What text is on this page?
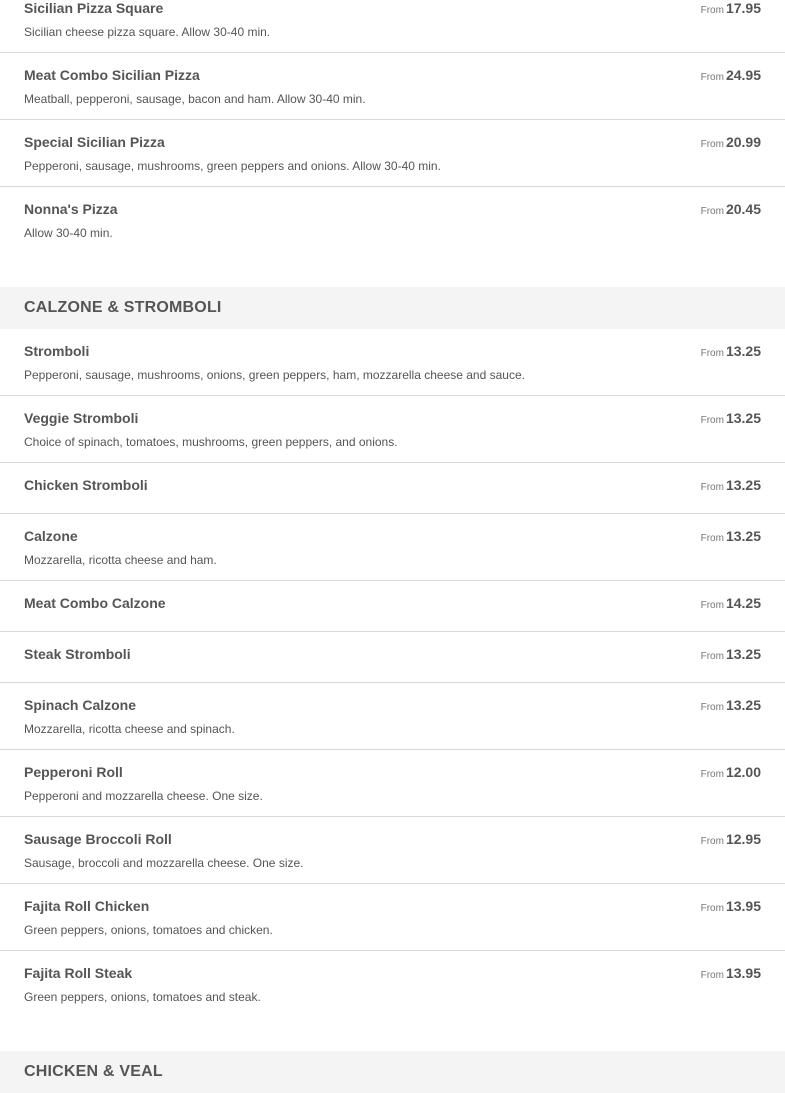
Sicilian Pizza Square
Sicilian cheese pizza square. Allow 30-40 min.
From 17.95
Meat Combo Sicilian Pizza
Meatball, pepperoni, sausage, bacon and ham. Allow 30-40 min.
From 24.95
Special Sicilian Pizza
Pepperoni, sausage, mushrooms, green peppers and onions. Allow 30-40 min.
From 20.99
Nonna's Pizza
Allow 30-40 min.
From 20.45
CALZONE & STROMBOLI
Stromboli
Pepperoni, sausage, mushrooms, onions, green peppers, ham, mozzarella cheese and sauce.
From 13.25
Veggie Stromboli
Choice of spinach, tomatoes, mushrooms, green peppers, and onions.
From 13.25
Chicken Stromboli	From 13.25
Calzone
Mozzarella, ricotta cheese and ham.
From 13.25
Meat Combo Calzone	From 14.25
Steak Stromboli	From 13.25
Spinach Calzone
Mozzarella, ricotta cheese and spinach.
From 13.25
Pepperoni Roll
Pepperoni and mozzarella cheese. One size.
From 12.00
Sausage Broccoli Roll
Sausage, broccoli and mozzarella cheese. One size.
From 12.95
Fajita Roll Chicken
Green peppers, onions, tomatoes and chicken.
From 13.95
Fajita Roll Steak
Green peppers, onions, tomatoes and steak.
From 13.95
CHICKEN & VEAL
